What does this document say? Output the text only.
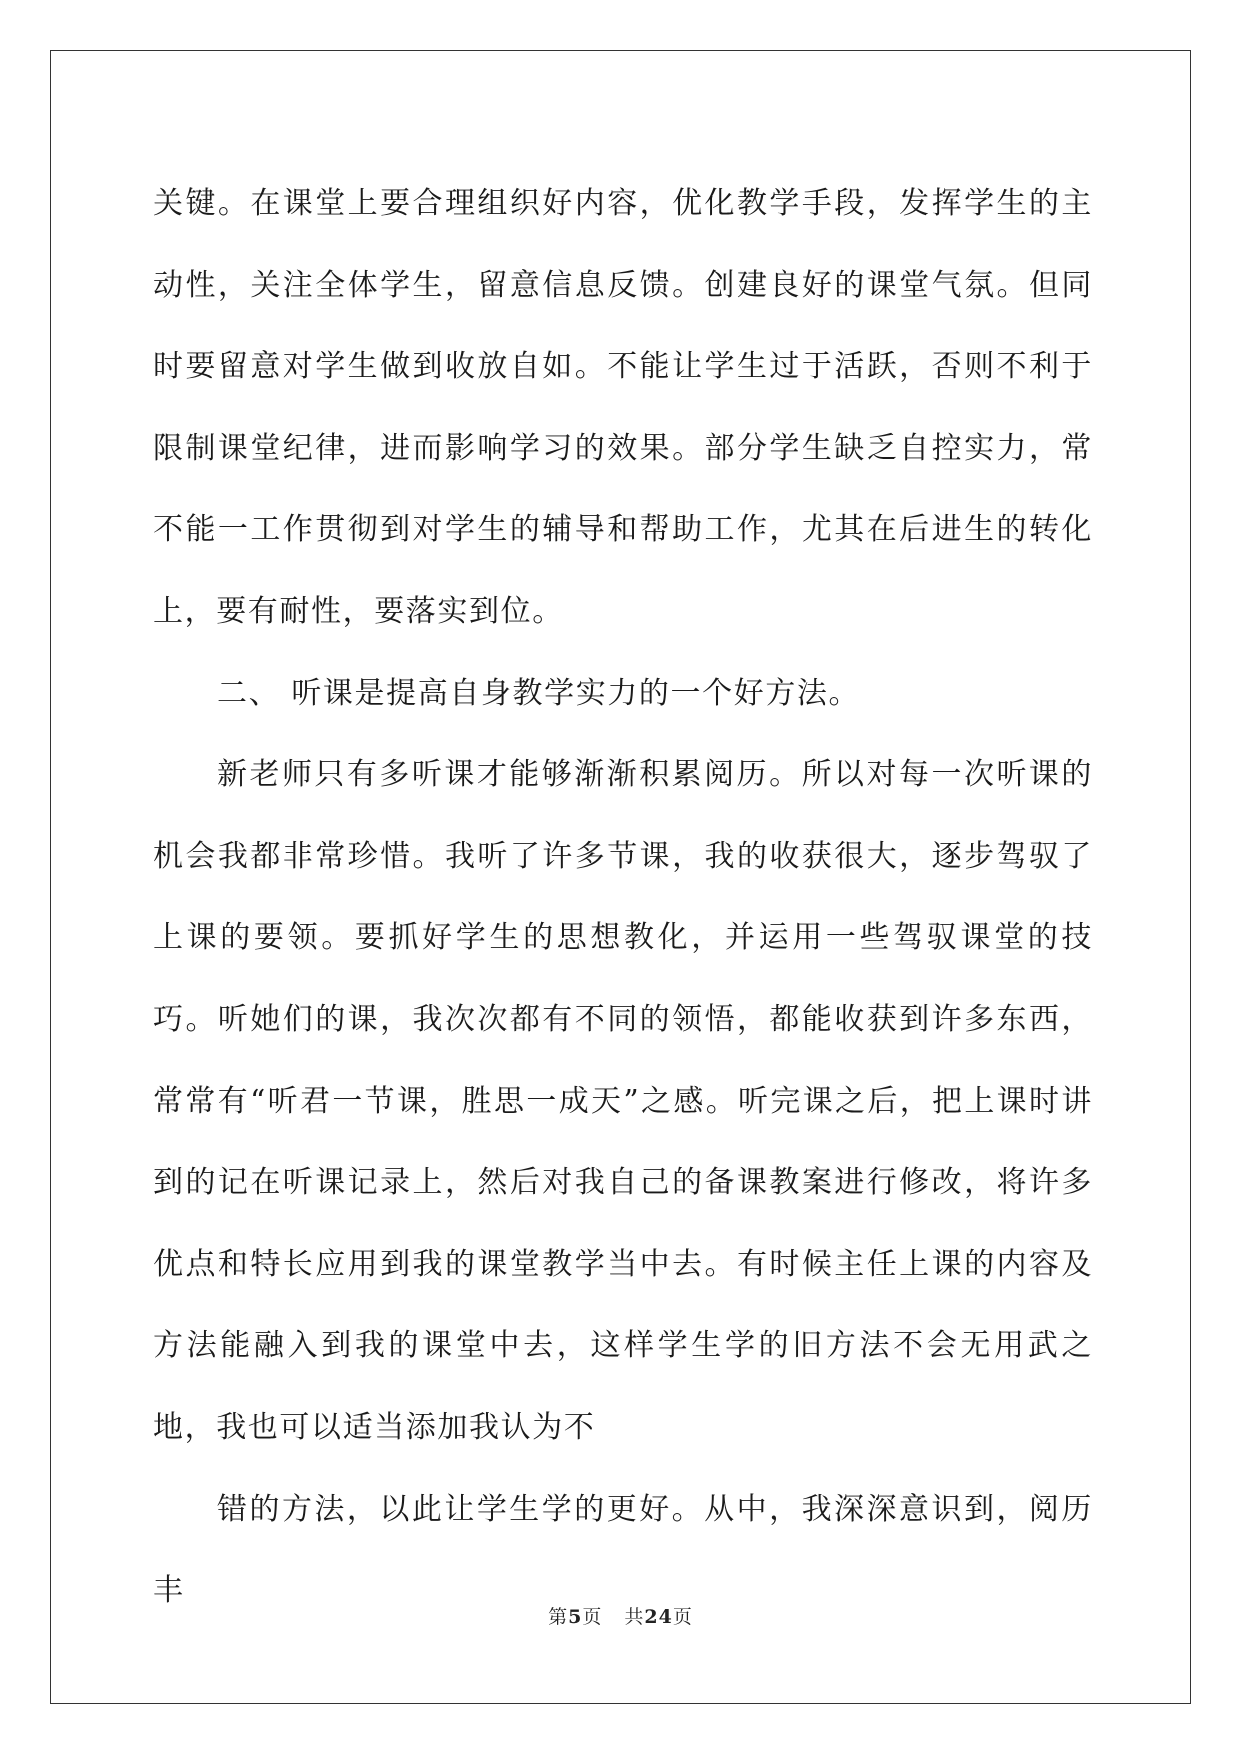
关键。在课堂上要合理组织好内容，优化教学手段，发挥学生的主动性，关注全体学生，留意信息反馈。创建良好的课堂气氛。但同时要留意对学生做到收放自如。不能让学生过于活跃，否则不利于限制课堂纪律，进而影响学习的效果。部分学生缺乏自控实力，常不能一工作贯彻到对学生的辅导和帮助工作，尤其在后进生的转化上，要有耐性，要落实到位。

二、 听课是提高自身教学实力的一个好方法。

新老师只有多听课才能够渐渐积累阅历。所以对每一次听课的机会我都非常珍惜。我听了许多节课，我的收获很大，逐步驾驭了上课的要领。要抓好学生的思想教化，并运用一些驾驭课堂的技巧。听她们的课，我次次都有不同的领悟，都能收获到许多东西，常常有“听君一节课，胜思一成天”之感。听完课之后，把上课时讲到的记在听课记录上，然后对我自己的备课教案进行修改，将许多优点和特长应用到我的课堂教学当中去。有时候主任上课的内容及方法能融入到我的课堂中去，这样学生学的旧方法不会无用武之地，我也可以适当添加我认为不

错的方法，以此让学生学的更好。从中，我深深意识到，阅历丰

第5页 共24页
